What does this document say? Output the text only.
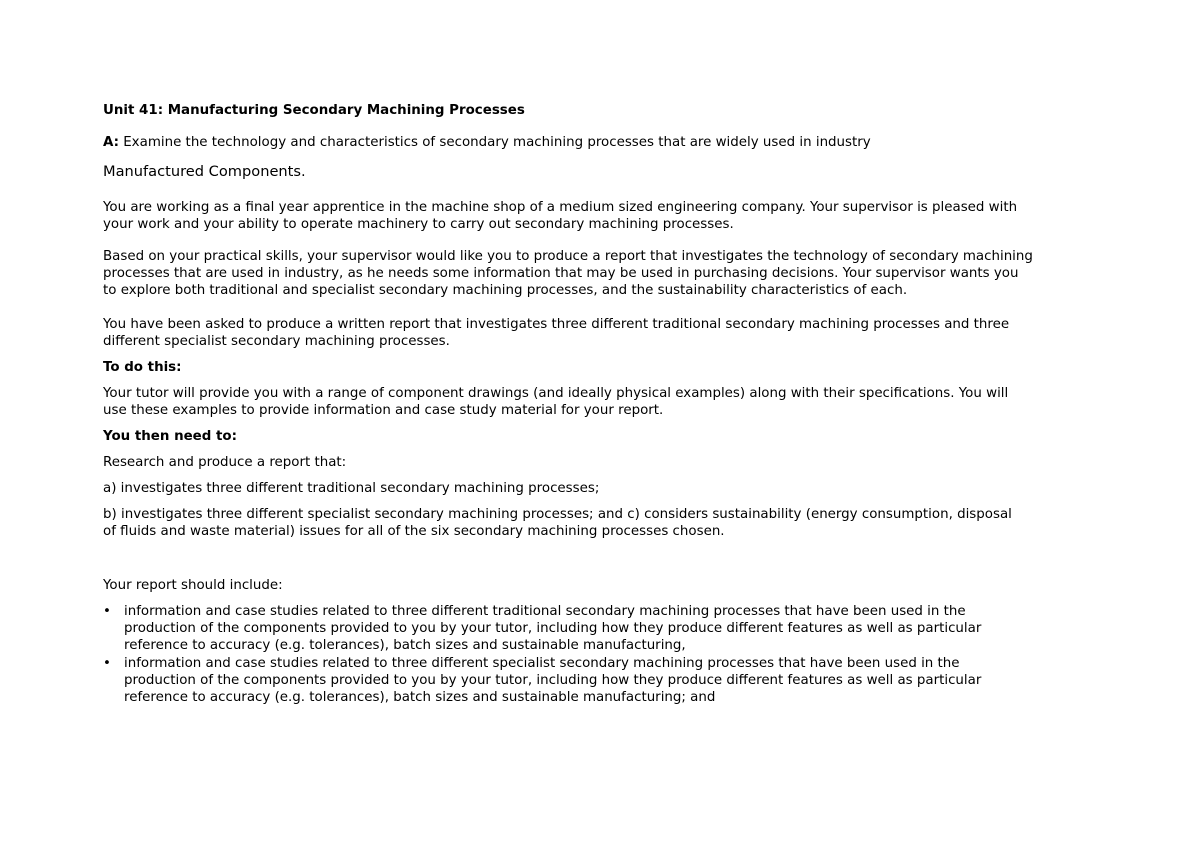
Unit 41: Manufacturing Secondary Machining Processes
A: Examine the technology and characteristics of secondary machining processes that are widely used in industry
Manufactured Components.
You are working as a final year apprentice in the machine shop of a medium sized engineering company. Your supervisor is pleased with
your work and your ability to operate machinery to carry out secondary machining processes.
Based on your practical skills, your supervisor would like you to produce a report that investigates the technology of secondary machining
processes that are used in industry, as he needs some information that may be used in purchasing decisions. Your supervisor wants you
to explore both traditional and specialist secondary machining processes, and the sustainability characteristics of each.
You have been asked to produce a written report that investigates three different traditional secondary machining processes and three
different specialist secondary machining processes.
To do this:
Your tutor will provide you with a range of component drawings (and ideally physical examples) along with their specifications. You will
use these examples to provide information and case study material for your report.
You then need to:
Research and produce a report that:
a) investigates three different traditional secondary machining processes;
b) investigates three different specialist secondary machining processes; and c) considers sustainability (energy consumption, disposal
of fluids and waste material) issues for all of the six secondary machining processes chosen.
Your report should include:
• information and case studies related to three different traditional secondary machining processes that have been used in the
production of the components provided to you by your tutor, including how they produce different features as well as particular
reference to accuracy (e.g. tolerances), batch sizes and sustainable manufacturing,
• information and case studies related to three different specialist secondary machining processes that have been used in the
production of the components provided to you by your tutor, including how they produce different features as well as particular
reference to accuracy (e.g. tolerances), batch sizes and sustainable manufacturing; and
